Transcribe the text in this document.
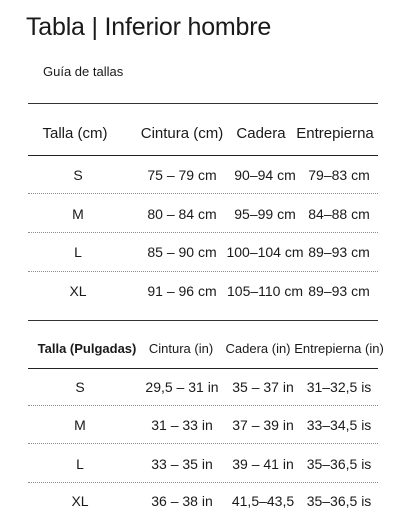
Tabla | Inferior hombre
Guía de tallas
Talla (cm) Cintura (cm) Cadera Entrepierna
S	75 – 79 cm 90–94 cm 79–83 cm
M	80 – 84 cm 95–99 cm 84–88 cm
L	85 – 90 cm 100–104 cm 89–93 cm
XL	91 – 96 cm 105–110 cm 89–93 cm
Talla (Pulgadas) Cintura (in) Cadera (in) Entrepierna (in)
S	29,5 – 31 in 35 – 37 in 31–32,5 is
M	31 – 33 in 37 – 39 in 33–34,5 is
L	33 – 35 in 39 – 41 in 35–36,5 is
XL	36 – 38 in 41,5–43,5 35–36,5 is
